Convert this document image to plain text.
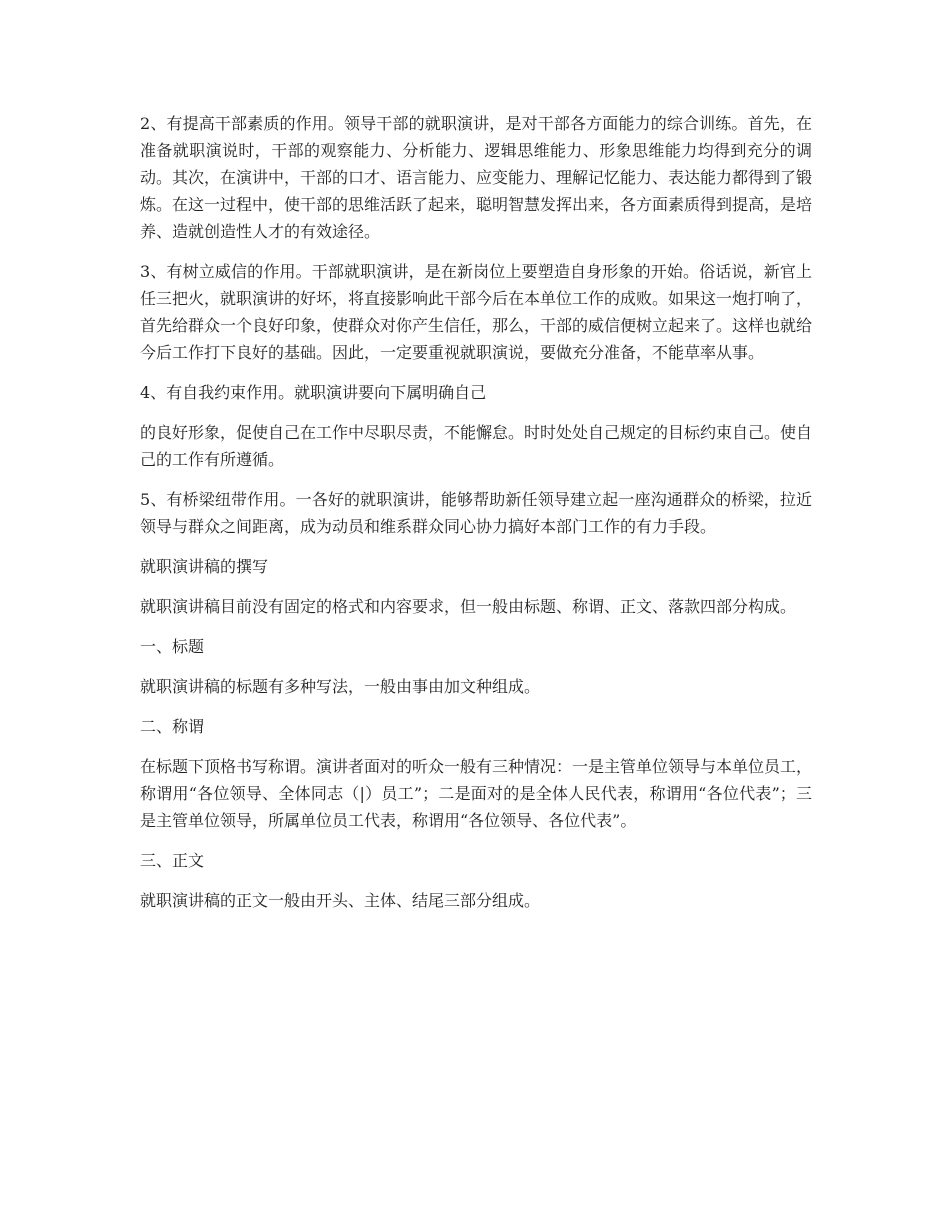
2、有提高干部素质的作用。领导干部的就职演讲，是对干部各方面能力的综合训练。首先，在准备就职演说时，干部的观察能力、分析能力、逻辑思维能力、形象思维能力均得到充分的调动。其次，在演讲中，干部的口才、语言能力、应变能力、理解记忆能力、表达能力都得到了锻炼。在这一过程中，使干部的思维活跃了起来，聪明智慧发挥出来，各方面素质得到提高，是培养、造就创造性人才的有效途径。

3、有树立威信的作用。干部就职演讲，是在新岗位上要塑造自身形象的开始。俗话说，新官上任三把火，就职演讲的好坏，将直接影响此干部今后在本单位工作的成败。如果这一炮打响了，首先给群众一个良好印象，使群众对你产生信任，那么，干部的威信便树立起来了。这样也就给今后工作打下良好的基础。因此，一定要重视就职演说，要做充分准备，不能草率从事。

4、有自我约束作用。就职演讲要向下属明确自己

的良好形象，促使自己在工作中尽职尽责，不能懈怠。时时处处自己规定的目标约束自己。使自己的工作有所遵循。

5、有桥梁纽带作用。一各好的就职演讲，能够帮助新任领导建立起一座沟通群众的桥梁，拉近领导与群众之间距离，成为动员和维系群众同心协力搞好本部门工作的有力手段。

就职演讲稿的撰写

就职演讲稿目前没有固定的格式和内容要求，但一般由标题、称谓、正文、落款四部分构成。

一、标题

就职演讲稿的标题有多种写法，一般由事由加文种组成。

二、称谓

在标题下顶格书写称谓。演讲者面对的听众一般有三种情况：一是主管单位领导与本单位员工，称谓用“各位领导、全体同志（|）员工”；二是面对的是全体人民代表，称谓用“各位代表”；三是主管单位领导，所属单位员工代表，称谓用“各位领导、各位代表”。

三、正文

就职演讲稿的正文一般由开头、主体、结尾三部分组成。
